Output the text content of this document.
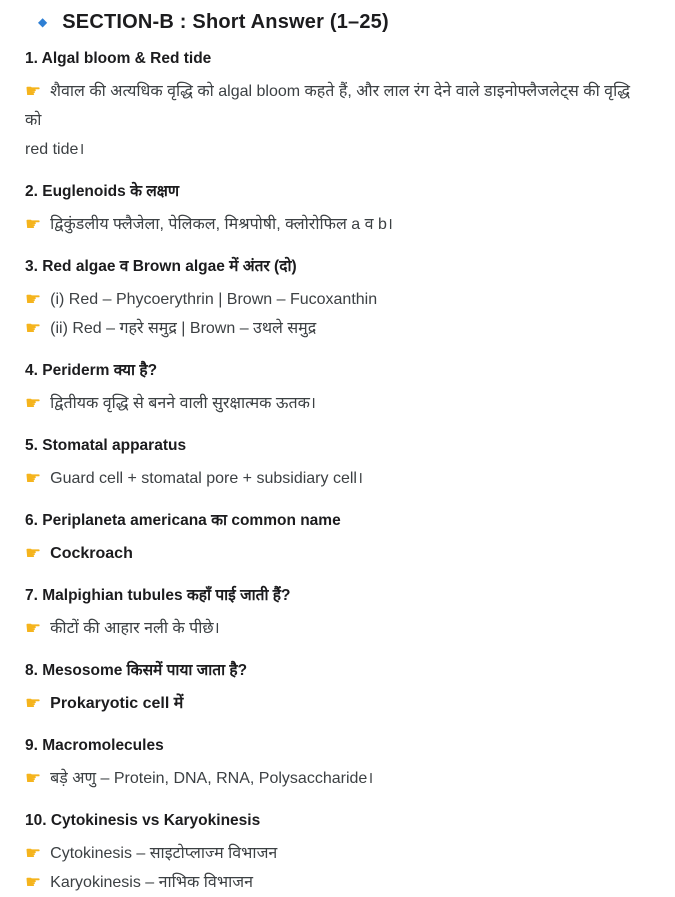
◆ SECTION-B : Short Answer (1–25)

1. Algal bloom & Red tide

☛ शैवाल की अत्यधिक वृद्धि को algal bloom कहते हैं, और लाल रंग देने वाले डाइनोफ्लैजलेट्स की वृद्धि को

red tide।

2. Euglenoids के लक्षण

☛ द्विकुंडलीय फ्लैजेला, पेलिकल, मिश्रपोषी, क्लोरोफिल a व b।

3. Red algae व Brown algae में अंतर (दो)

☛ (i) Red – Phycoerythrin | Brown – Fucoxanthin

☛ (ii) Red – गहरे समुद्र | Brown – उथले समुद्र

4. Periderm क्या है?

☛ द्वितीयक वृद्धि से बनने वाली सुरक्षात्मक ऊतक।

5. Stomatal apparatus

☛ Guard cell + stomatal pore + subsidiary cell।

6. Periplaneta americana का common name

☛ Cockroach

7. Malpighian tubules कहाँ पाई जाती हैं?

☛ कीटों की आहार नली के पीछे।

8. Mesosome किसमें पाया जाता है?

☛ Prokaryotic cell में

9. Macromolecules

☛ बड़े अणु – Protein, DNA, RNA, Polysaccharide।

10. Cytokinesis vs Karyokinesis

☛ Cytokinesis – साइटोप्लाज्म विभाजन

☛ Karyokinesis – नाभिक विभाजन
